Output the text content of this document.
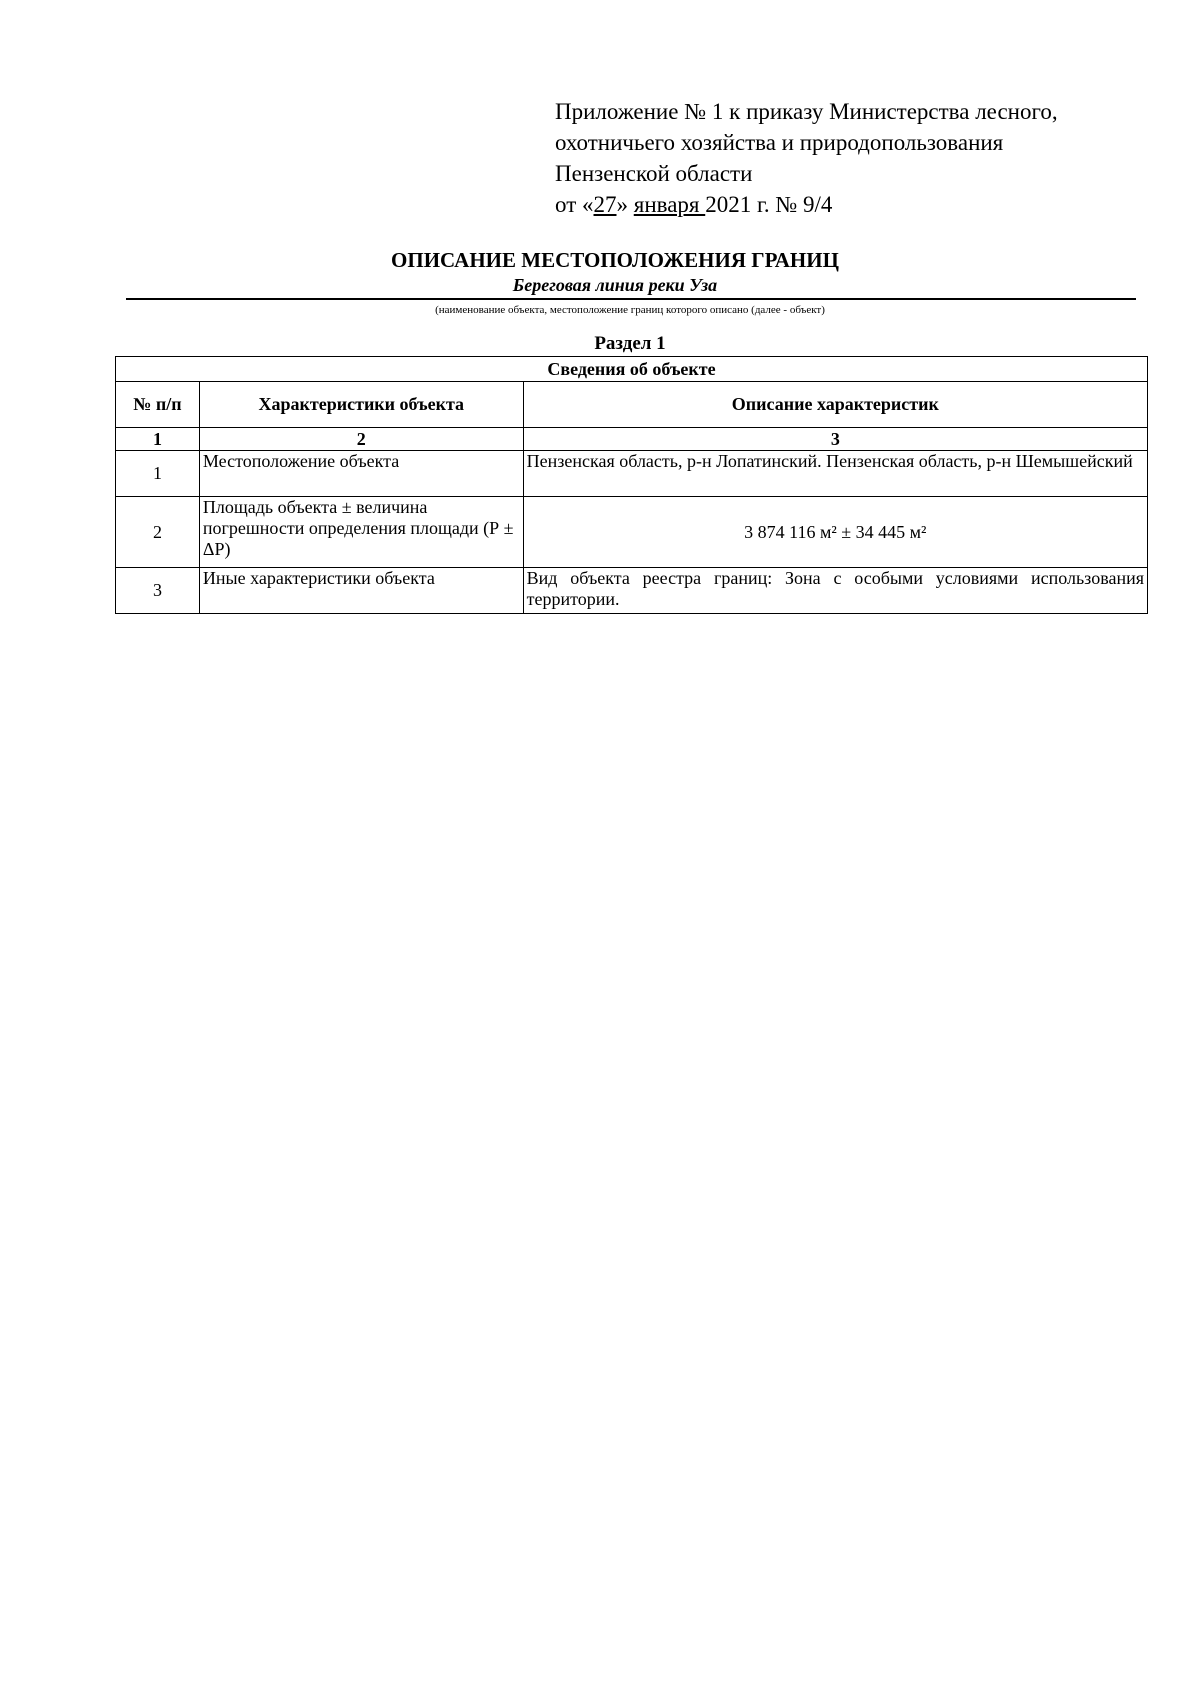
Приложение № 1 к приказу Министерства лесного,
охотничьего хозяйства и природопользования
Пензенской области
от «27» января 2021 г. № 9/4
ОПИСАНИЕ МЕСТОПОЛОЖЕНИЯ ГРАНИЦ
Береговая линия реки Уза
(наименование объекта, местоположение границ которого описано (далее - объект)
Раздел 1
Сведения об объекте		
№ п/п	Характеристики объекта	Описание характеристик
1	2	3
1	Местоположение объекта	Пензенская область, р-н Лопатинский. Пензенская область, р-н Шемышейский
2	Площадь объекта ± величина погрешности определения площади (Р ± ΔР)	3 874 116 м² ± 34 445 м²
3	Иные характеристики объекта	Вид объекта реестра границ: Зона с особыми условиями использования территории.
